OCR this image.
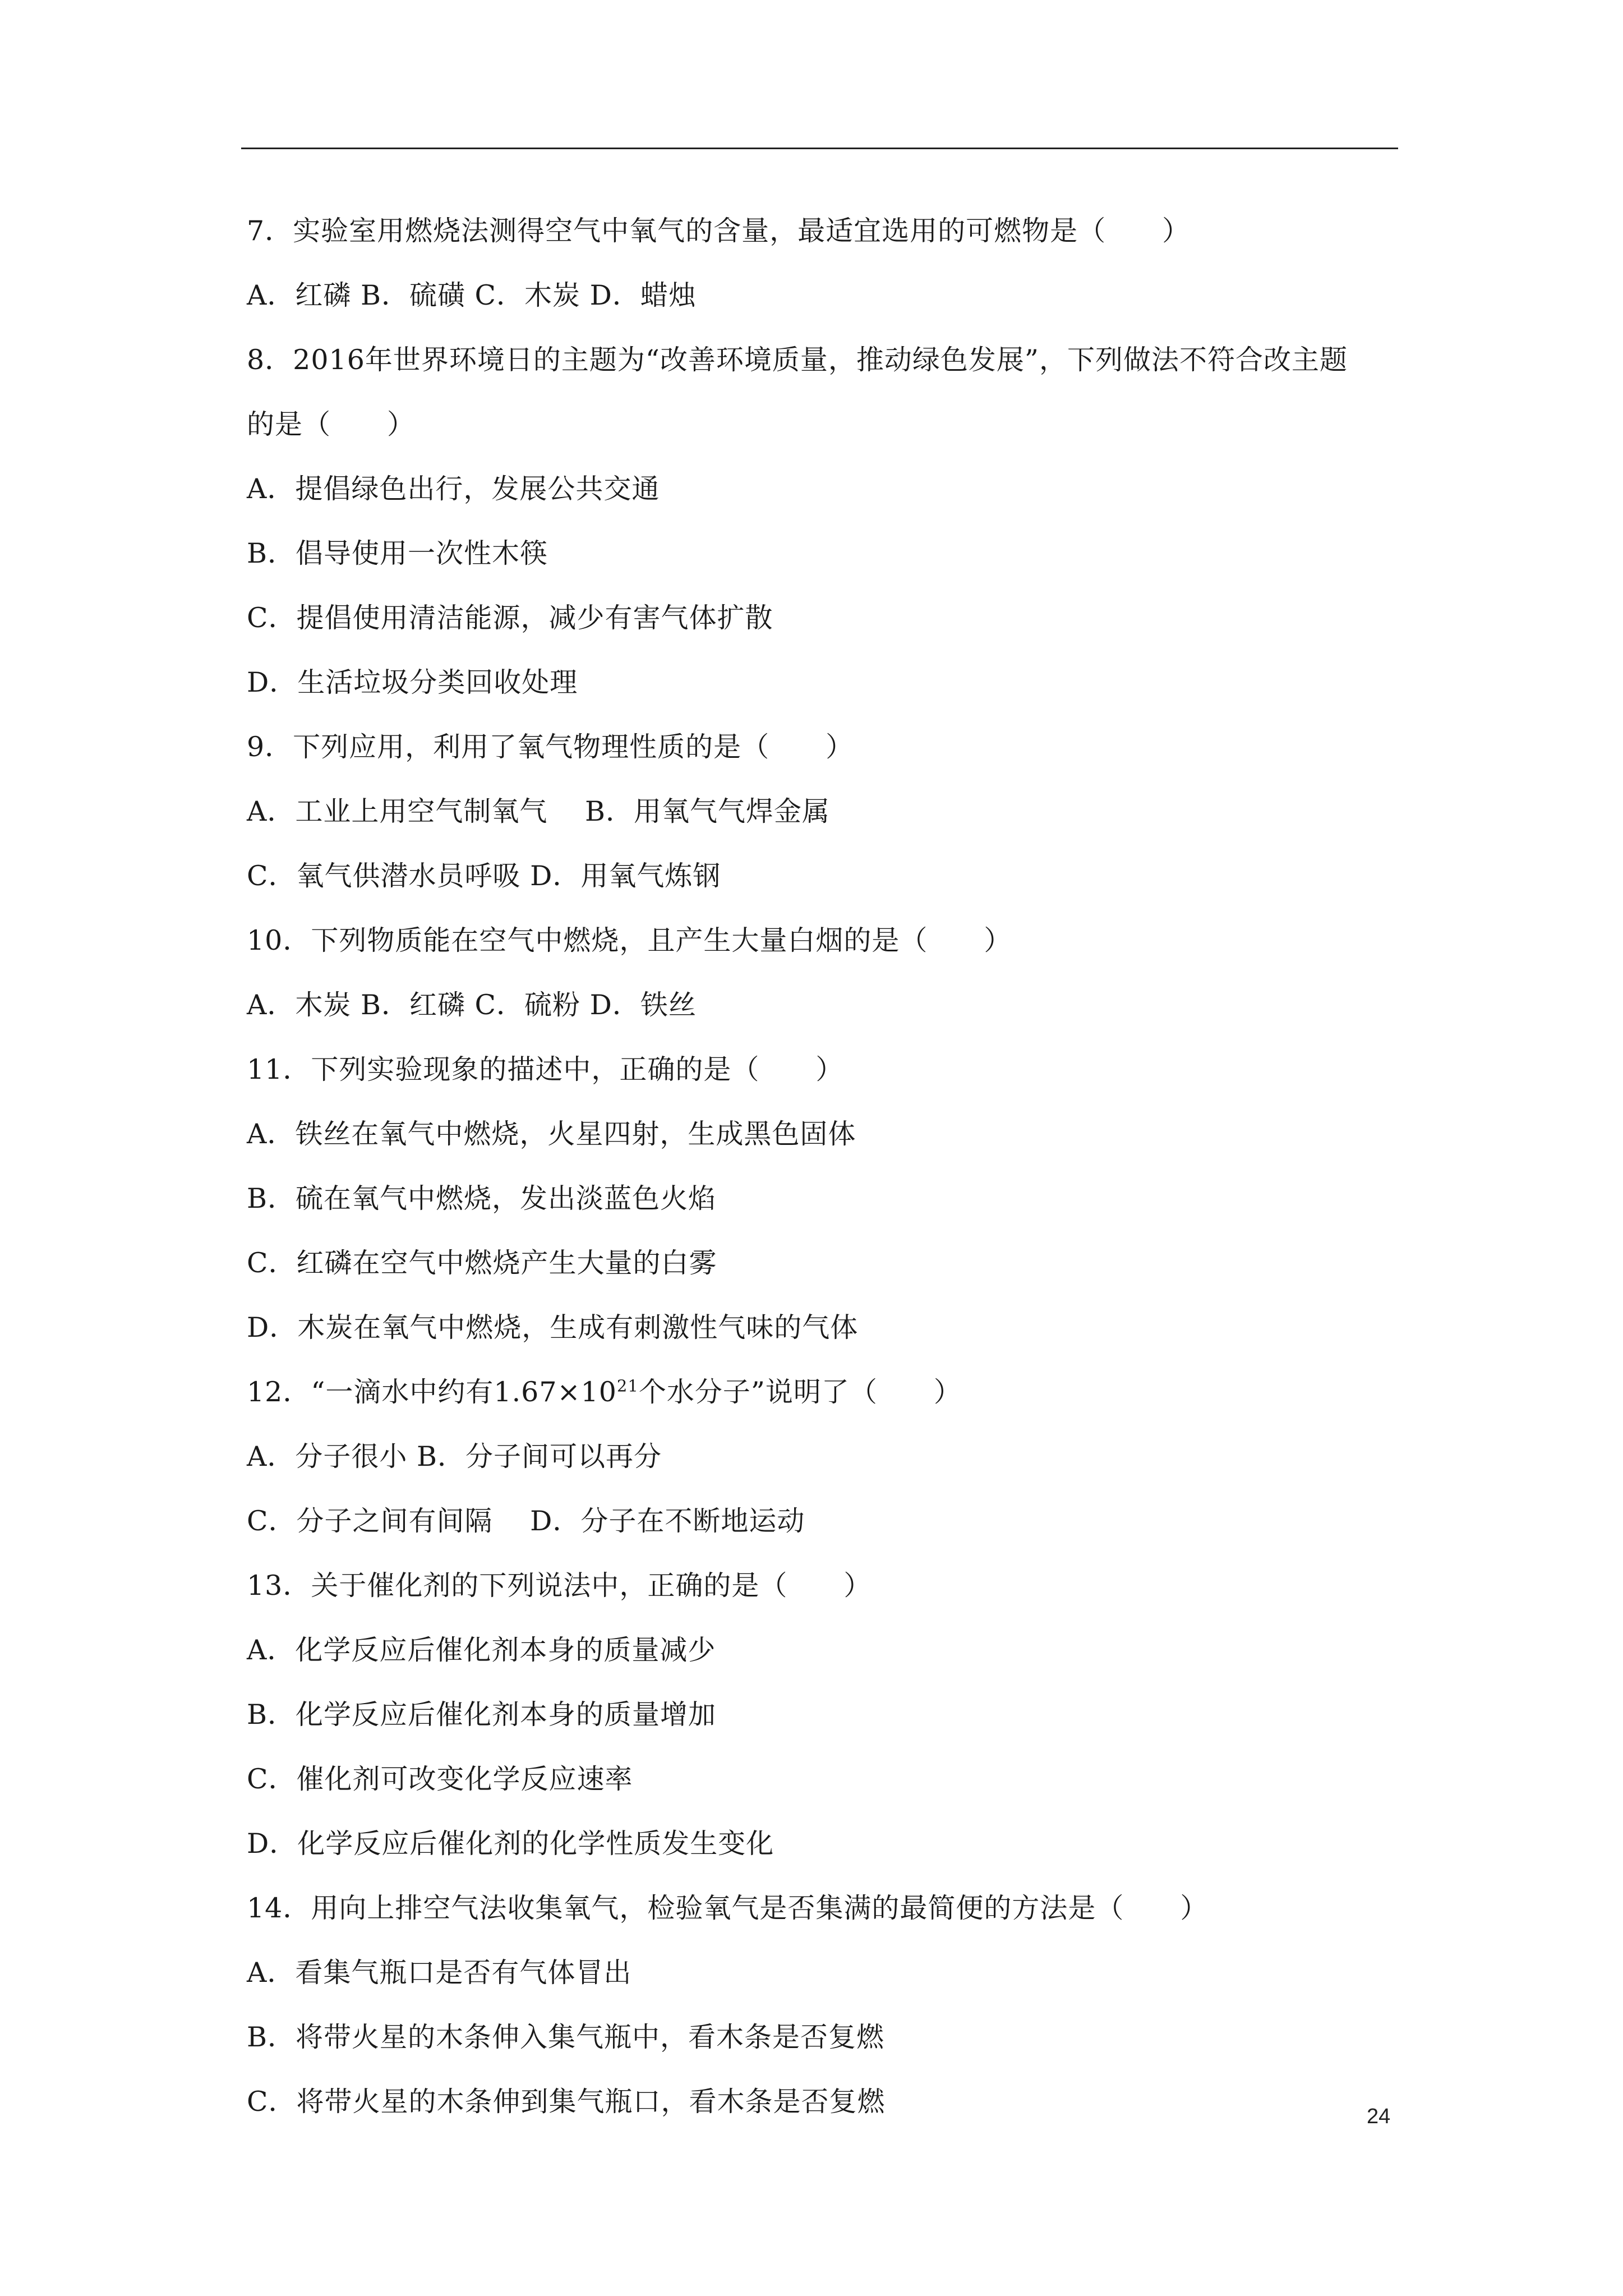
7．实验室用燃烧法测得空气中氧气的含量，最适宜选用的可燃物是（　　）
A．红磷 B．硫磺 C．木炭 D．蜡烛
8．2016年世界环境日的主题为“改善环境质量，推动绿色发展”，下列做法不符合改主题
的是（　　）
A．提倡绿色出行，发展公共交通
B．倡导使用一次性木筷
C．提倡使用清洁能源，减少有害气体扩散
D．生活垃圾分类回收处理
9．下列应用，利用了氧气物理性质的是（　　）
A．工业上用空气制氧气　 B．用氧气气焊金属
C．氧气供潜水员呼吸 D．用氧气炼钢
10．下列物质能在空气中燃烧，且产生大量白烟的是（　　）
A．木炭 B．红磷 C．硫粉 D．铁丝
11．下列实验现象的描述中，正确的是（　　）
A．铁丝在氧气中燃烧，火星四射，生成黑色固体
B．硫在氧气中燃烧，发出淡蓝色火焰
C．红磷在空气中燃烧产生大量的白雾
D．木炭在氧气中燃烧，生成有刺激性气味的气体
12．“一滴水中约有$1.67\times 10^{21}$个水分子”说明了（　　）
A．分子很小 B．分子间可以再分
C．分子之间有间隔　 D．分子在不断地运动
13．关于催化剂的下列说法中，正确的是（　　）
A．化学反应后催化剂本身的质量减少
B．化学反应后催化剂本身的质量增加
C．催化剂可改变化学反应速率
D．化学反应后催化剂的化学性质发生变化
14．用向上排空气法收集氧气，检验氧气是否集满的最简便的方法是（　　）
A．看集气瓶口是否有气体冒出
B．将带火星的木条伸入集气瓶中，看木条是否复燃
C．将带火星的木条伸到集气瓶口，看木条是否复燃	24
